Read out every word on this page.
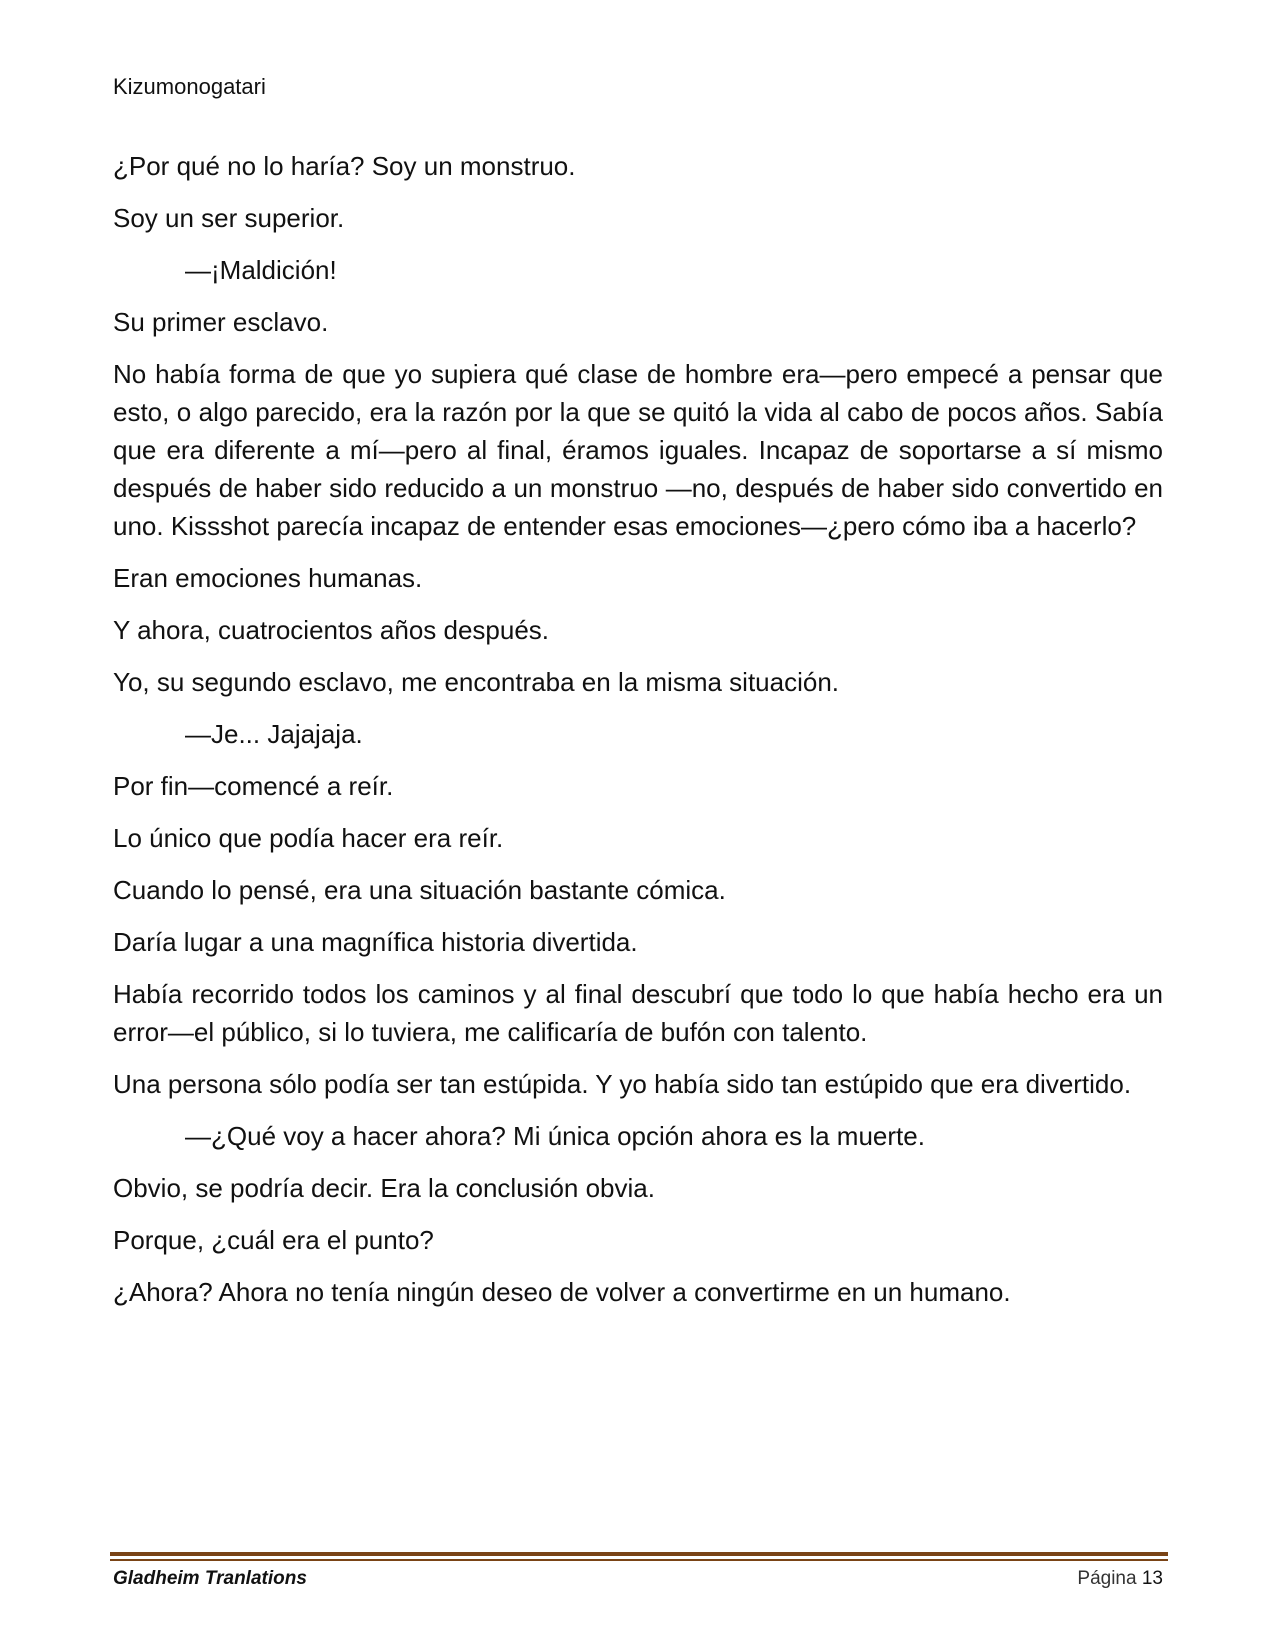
Kizumonogatari

¿Por qué no lo haría? Soy un monstruo.

Soy un ser superior.

—¡Maldición!

Su primer esclavo.

No había forma de que yo supiera qué clase de hombre era—pero empecé a pensar que esto, o algo parecido, era la razón por la que se quitó la vida al cabo de pocos años. Sabía que era diferente a mí—pero al final, éramos iguales. Incapaz de soportarse a sí mismo después de haber sido reducido a un monstruo —no, después de haber sido convertido en uno. Kissshot parecía incapaz de entender esas emociones—¿pero cómo iba a hacerlo?

Eran emociones humanas.

Y ahora, cuatrocientos años después.

Yo, su segundo esclavo, me encontraba en la misma situación.

—Je... Jajajaja.

Por fin—comencé a reír.

Lo único que podía hacer era reír.

Cuando lo pensé, era una situación bastante cómica.

Daría lugar a una magnífica historia divertida.

Había recorrido todos los caminos y al final descubrí que todo lo que había hecho era un error—el público, si lo tuviera, me calificaría de bufón con talento.

Una persona sólo podía ser tan estúpida. Y yo había sido tan estúpido que era divertido.

—¿Qué voy a hacer ahora? Mi única opción ahora es la muerte.

Obvio, se podría decir. Era la conclusión obvia.

Porque, ¿cuál era el punto?

¿Ahora? Ahora no tenía ningún deseo de volver a convertirme en un humano.

Gladheim Tranlations	Página 13
